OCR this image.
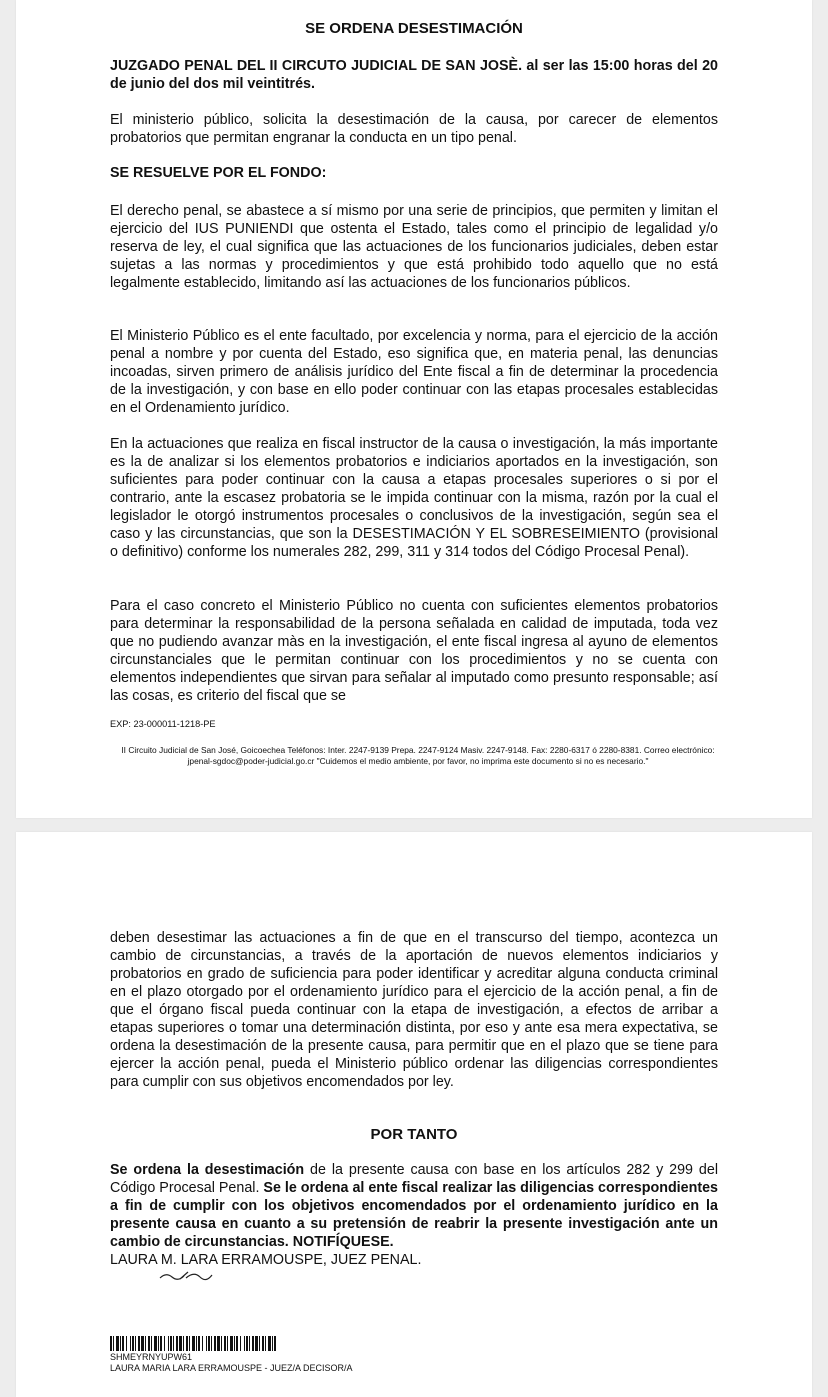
SE ORDENA DESESTIMACIÓN

JUZGADO PENAL DEL II CIRCUTO JUDICIAL DE SAN JOSÈ. al ser las 15:00 horas del 20 de junio del dos mil veintitrés.

El ministerio público, solicita la desestimación de la causa, por carecer de elementos probatorios que permitan engranar la conducta en un tipo penal.

SE RESUELVE POR EL FONDO:

El derecho penal, se abastece a sí mismo por una serie de principios, que permiten y limitan el ejercicio del IUS PUNIENDI que ostenta el Estado, tales como el principio de legalidad y/o reserva de ley, el cual significa que las actuaciones de los funcionarios judiciales, deben estar sujetas a las normas y procedimientos y que está prohibido todo aquello que no está legalmente establecido, limitando así las actuaciones de los funcionarios públicos.

El Ministerio Público es el ente facultado, por excelencia y norma, para el ejercicio de la acción penal a nombre y por cuenta del Estado, eso significa que, en materia penal, las denuncias incoadas, sirven primero de análisis jurídico del Ente fiscal a fin de determinar la procedencia de la investigación, y con base en ello poder continuar con las etapas procesales establecidas en el Ordenamiento jurídico.

En la actuaciones que realiza en fiscal instructor de la causa o investigación, la más importante es la de analizar si los elementos probatorios e indiciarios aportados en la investigación, son suficientes para poder continuar con la causa a etapas procesales superiores o si por el contrario, ante la escasez probatoria se le impida continuar con la misma, razón por la cual el legislador le otorgó instrumentos procesales o conclusivos de la investigación, según sea el caso y las circunstancias, que son la DESESTIMACIÓN Y EL SOBRESEIMIENTO (provisional o definitivo) conforme los numerales 282, 299, 311 y 314 todos del Código Procesal Penal).

Para el caso concreto el Ministerio Público no cuenta con suficientes elementos probatorios para determinar la responsabilidad de la persona señalada en calidad de imputada, toda vez que no pudiendo avanzar màs en la investigación, el ente fiscal ingresa al ayuno de elementos circunstanciales que le permitan continuar con los procedimientos y no se cuenta con elementos independientes que sirvan para señalar al imputado como presunto responsable; así las cosas, es criterio del fiscal que se

EXP: 23-000011-1218-PE
II Circuito Judicial de San José, Goicoechea Teléfonos: Inter. 2247-9139 Prepa. 2247-9124 Masiv. 2247-9148. Fax: 2280-6317 ó 2280-8381. Correo electrónico: jpenal-sgdoc@poder-judicial.go.cr "Cuidemos el medio ambiente, por favor, no imprima este documento si no es necesario."

deben desestimar las actuaciones a fin de que en el transcurso del tiempo, acontezca un cambio de circunstancias, a través de la aportación de nuevos elementos indiciarios y probatorios en grado de suficiencia para poder identificar y acreditar alguna conducta criminal en el plazo otorgado por el ordenamiento jurídico para el ejercicio de la acción penal, a fin de que el órgano fiscal pueda continuar con la etapa de investigación, a efectos de arribar a etapas superiores o tomar una determinación distinta, por eso y ante esa mera expectativa, se ordena la desestimación de la presente causa, para permitir que en el plazo que se tiene para ejercer la acción penal, pueda el Ministerio público ordenar las diligencias correspondientes para cumplir con sus objetivos encomendados por ley.

POR TANTO

Se ordena la desestimación de la presente causa con base en los artículos 282 y 299 del Código Procesal Penal. Se le ordena al ente fiscal realizar las diligencias correspondientes a fin de cumplir con los objetivos encomendados por el ordenamiento jurídico en la presente causa en cuanto a su pretensión de reabrir la presente investigación ante un cambio de circunstancias. NOTIFÍQUESE.

LAURA M. LARA ERRAMOUSPE, JUEZ PENAL.
SHMEYRNYUPW61
LAURA MARIA LARA ERRAMOUSPE - JUEZ/A DECISOR/A
